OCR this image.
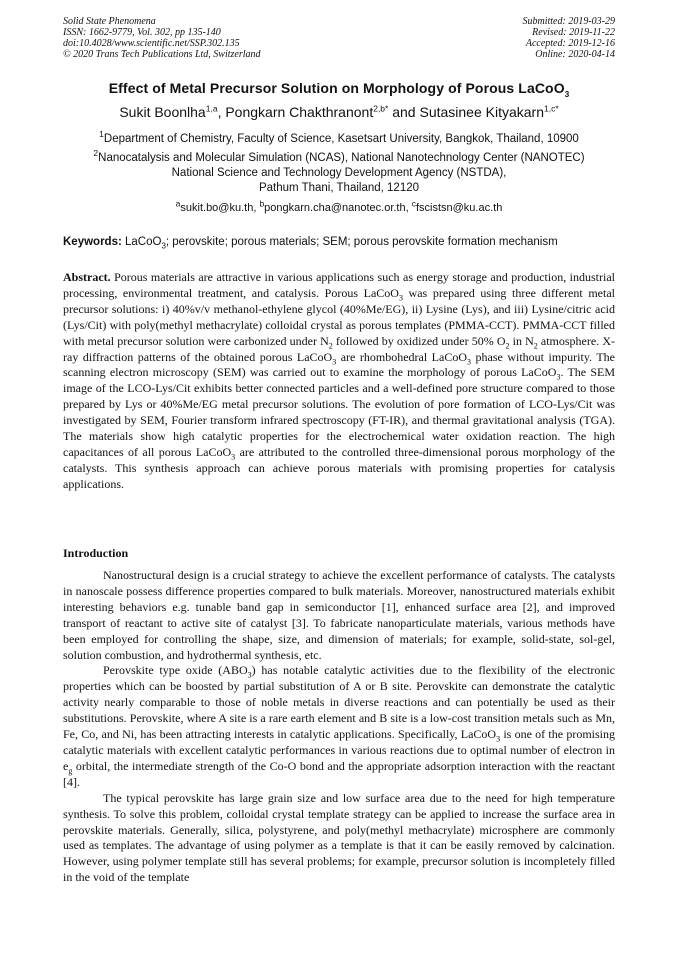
Solid State Phenomena
ISSN: 1662-9779, Vol. 302, pp 135-140
doi:10.4028/www.scientific.net/SSP.302.135
© 2020 Trans Tech Publications Ltd, Switzerland
Submitted: 2019-03-29
Revised: 2019-11-22
Accepted: 2019-12-16
Online: 2020-04-14
Effect of Metal Precursor Solution on Morphology of Porous LaCoO$_3$
Sukit Boonlha$^{1,a}$, Pongkarn Chakthranont$^{2,b*}$ and Sutasinee Kityakarn$^{1,c*}$
$^1$Department of Chemistry, Faculty of Science, Kasetsart University, Bangkok, Thailand, 10900
$^2$Nanocatalysis and Molecular Simulation (NCAS), National Nanotechnology Center (NANOTEC)
National Science and Technology Development Agency (NSTDA),
Pathum Thani, Thailand, 12120
$^a$sukit.bo@ku.th, $^b$pongkarn.cha@nanotec.or.th, $^c$fscistsn@ku.ac.th
Keywords: LaCoO$_3$; perovskite; porous materials; SEM; porous perovskite formation mechanism
Abstract. Porous materials are attractive in various applications such as energy storage and production, industrial processing, environmental treatment, and catalysis. Porous LaCoO$_3$ was prepared using three different metal precursor solutions: i) 40%v/v methanol-ethylene glycol (40%Me/EG), ii) Lysine (Lys), and iii) Lysine/citric acid (Lys/Cit) with poly(methyl methacrylate) colloidal crystal as porous templates (PMMA-CCT). PMMA-CCT filled with metal precursor solution were carbonized under $N_2$ followed by oxidized under 50% $O_2$ in $N_2$ atmosphere. X-ray diffraction patterns of the obtained porous LaCoO$_3$ are rhombohedral LaCoO$_3$ phase without impurity. The scanning electron microscopy (SEM) was carried out to examine the morphology of porous LaCoO$_3$. The SEM image of the LCO-Lys/Cit exhibits better connected particles and a well-defined pore structure compared to those prepared by Lys or 40%Me/EG metal precursor solutions. The evolution of pore formation of LCO-Lys/Cit was investigated by SEM, Fourier transform infrared spectroscopy (FT-IR), and thermal gravitational analysis (TGA). The materials show high catalytic properties for the electrochemical water oxidation reaction. The high capacitances of all porous LaCoO$_3$ are attributed to the controlled three-dimensional porous morphology of the catalysts. This synthesis approach can achieve porous materials with promising properties for catalysis applications.
Introduction

Nanostructural design is a crucial strategy to achieve the excellent performance of catalysts. The catalysts in nanoscale possess difference properties compared to bulk materials. Moreover, nanostructured materials exhibit interesting behaviors e.g. tunable band gap in semiconductor [1], enhanced surface area [2], and improved transport of reactant to active site of catalyst [3]. To fabricate nanoparticulate materials, various methods have been employed for controlling the shape, size, and dimension of materials; for example, solid-state, sol-gel, solution combustion, and hydrothermal synthesis, etc.

Perovskite type oxide $(ABO_3)$ has notable catalytic activities due to the flexibility of the electronic properties which can be boosted by partial substitution of A or B site. Perovskite can demonstrate the catalytic activity nearly comparable to those of noble metals in diverse reactions and can potentially be used as their substitutions. Perovskite, where A site is a rare earth element and B site is a low-cost transition metals such as Mn, Fe, Co, and Ni, has been attracting interests in catalytic applications. Specifically, LaCoO$_3$ is one of the promising catalytic materials with excellent catalytic performances in various reactions due to optimal number of electron in $e_g$ orbital, the intermediate strength of the Co-O bond and the appropriate adsorption interaction with the reactant [4].

The typical perovskite has large grain size and low surface area due to the need for high temperature synthesis. To solve this problem, colloidal crystal template strategy can be applied to increase the surface area in perovskite materials. Generally, silica, polystyrene, and poly(methyl methacrylate) microsphere are commonly used as templates. The advantage of using polymer as a template is that it can be easily removed by calcination. However, using polymer template still has several problems; for example, precursor solution is incompletely filled in the void of the template
